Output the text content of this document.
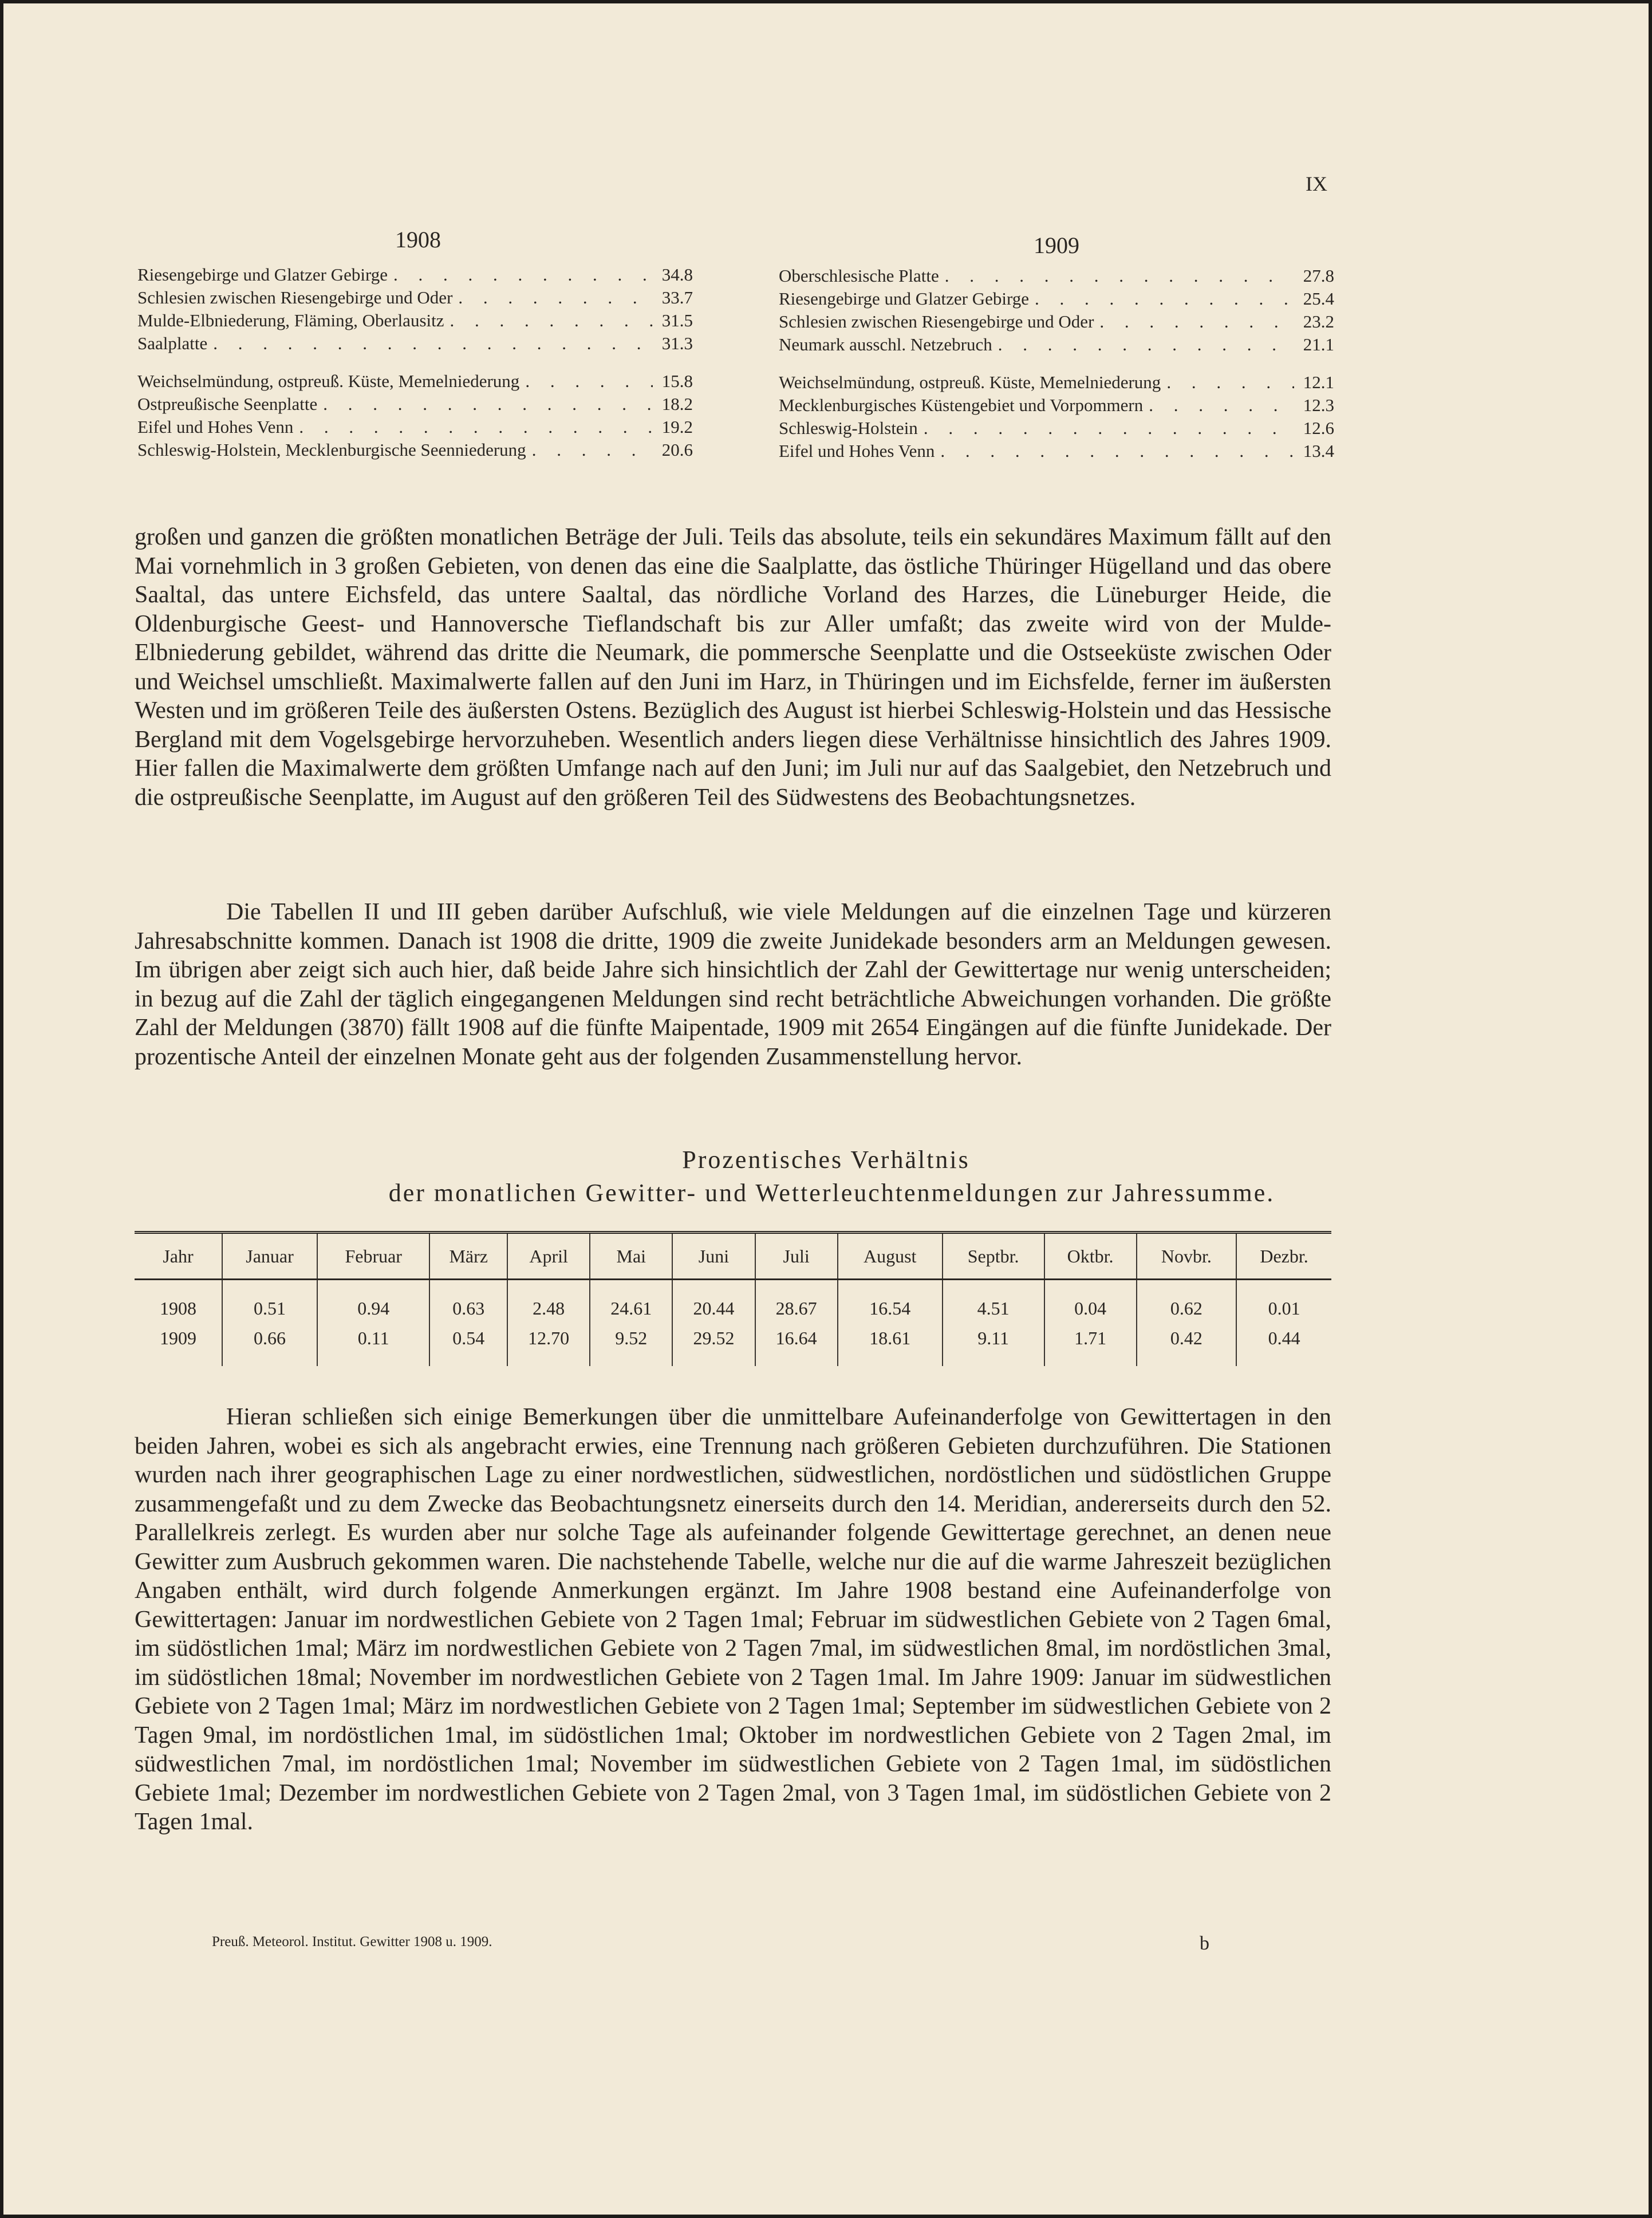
IX
1908	1909
Riesengebirge und Glatzer Gebirge . . .	34.8
Schlesien zwischen Riesengebirge und Oder . . .	33.7
Mulde-Elbniederung, Fläming, Oberlausitz . . .	31.5
Saalplatte . . .	31.3
Weichselmündung, ostpreuß. Küste, Memelniederung . . .	15.8
Ostpreußische Seenplatte . . .	18.2
Eifel und Hohes Venn . . .	19.2
Schleswig-Holstein, Mecklenburgische Seenniederung . . .	20.6
Oberschlesische Platte . . .	27.8
Riesengebirge und Glatzer Gebirge . . .	25.4
Schlesien zwischen Riesengebirge und Oder . . .	23.2
Neumark ausschl. Netzebruch . . .	21.1
Weichselmündung, ostpreuß. Küste, Memelniederung . . .	12.1
Mecklenburgisches Küstengebiet und Vorpommern . . .	12.3
Schleswig-Holstein . . .	12.6
Eifel und Hohes Venn . . .	13.4

großen und ganzen die größten monatlichen Beträge der Juli. Teils das absolute, teils ein sekundäres Maximum fällt auf den Mai vornehmlich in 3 großen Gebieten, von denen das eine die Saalplatte, das östliche Thüringer Hügelland und das obere Saaltal, das untere Eichsfeld, das untere Saaltal, das nördliche Vorland des Harzes, die Lüneburger Heide, die Oldenburgische Geest- und Hannoversche Tieflandschaft bis zur Aller umfaßt; das zweite wird von der Mulde-Elbniederung gebildet, während das dritte die Neumark, die pommersche Seenplatte und die Ostseeküste zwischen Oder und Weichsel umschließt. Maximalwerte fallen auf den Juni im Harz, in Thüringen und im Eichsfelde, ferner im äußersten Westen und im größeren Teile des äußersten Ostens. Bezüglich des August ist hierbei Schleswig-Holstein und das Hessische Bergland mit dem Vogelsgebirge hervorzuheben. Wesentlich anders liegen diese Verhältnisse hinsichtlich des Jahres 1909. Hier fallen die Maximalwerte dem größten Umfange nach auf den Juni; im Juli nur auf das Saalgebiet, den Netzebruch und die ostpreußische Seenplatte, im August auf den größeren Teil des Südwestens des Beobachtungsnetzes.

Die Tabellen II und III geben darüber Aufschluß, wie viele Meldungen auf die einzelnen Tage und kürzeren Jahresabschnitte kommen. Danach ist 1908 die dritte, 1909 die zweite Junidekade besonders arm an Meldungen gewesen. Im übrigen aber zeigt sich auch hier, daß beide Jahre sich hinsichtlich der Zahl der Gewittertage nur wenig unterscheiden; in bezug auf die Zahl der täglich eingegangenen Meldungen sind recht beträchtliche Abweichungen vorhanden. Die größte Zahl der Meldungen (3870) fällt 1908 auf die fünfte Maipentade, 1909 mit 2654 Eingängen auf die fünfte Junidekade. Der prozentische Anteil der einzelnen Monate geht aus der folgenden Zusammenstellung hervor.

Prozentisches Verhältnis
der monatlichen Gewitter- und Wetterleuchtenmeldungen zur Jahressumme.
Jahr	Januar	Februar	März	April	Mai	Juni	Juli	August	Septbr.	Oktbr.	Novbr.	Dezbr.
1908	0.51	0.94	0.63	2.48	24.61	20.44	28.67	16.54	4.51	0.04	0.62	0.01
1909	0.66	0.11	0.54	12.70	9.52	29.52	16.64	18.61	9.11	1.71	0.42	0.44

Hieran schließen sich einige Bemerkungen über die unmittelbare Aufeinanderfolge von Gewittertagen in den beiden Jahren, wobei es sich als angebracht erwies, eine Trennung nach größeren Gebieten durchzuführen. Die Stationen wurden nach ihrer geographischen Lage zu einer nordwestlichen, südwestlichen, nordöstlichen und südöstlichen Gruppe zusammengefaßt und zu dem Zwecke das Beobachtungsnetz einerseits durch den 14. Meridian, andererseits durch den 52. Parallelkreis zerlegt. Es wurden aber nur solche Tage als aufeinander folgende Gewittertage gerechnet, an denen neue Gewitter zum Ausbruch gekommen waren. Die nachstehende Tabelle, welche nur die auf die warme Jahreszeit bezüglichen Angaben enthält, wird durch folgende Anmerkungen ergänzt. Im Jahre 1908 bestand eine Aufeinanderfolge von Gewittertagen: Januar im nordwestlichen Gebiete von 2 Tagen 1mal; Februar im südwestlichen Gebiete von 2 Tagen 6mal, im südöstlichen 1mal; März im nordwestlichen Gebiete von 2 Tagen 7mal, im südwestlichen 8mal, im nordöstlichen 3mal, im südöstlichen 18mal; November im nordwestlichen Gebiete von 2 Tagen 1mal. Im Jahre 1909: Januar im südwestlichen Gebiete von 2 Tagen 1mal; März im nordwestlichen Gebiete von 2 Tagen 1mal; September im südwestlichen Gebiete von 2 Tagen 9mal, im nordöstlichen 1mal, im südöstlichen 1mal; Oktober im nordwestlichen Gebiete von 2 Tagen 2mal, im südwestlichen 7mal, im nordöstlichen 1mal; November im südwestlichen Gebiete von 2 Tagen 1mal, im südöstlichen Gebiete 1mal; Dezember im nordwestlichen Gebiete von 2 Tagen 2mal, von 3 Tagen 1mal, im südöstlichen Gebiete von 2 Tagen 1mal.

Preuß. Meteorol. Institut. Gewitter 1908 u. 1909.	b
